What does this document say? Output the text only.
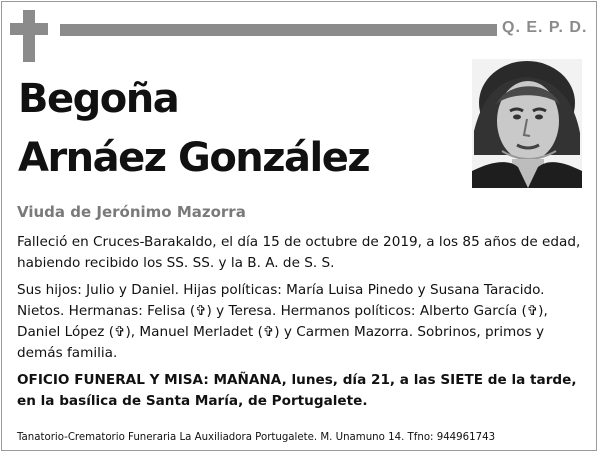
Q. E. P. D.
Begoña
Arnáez González
Viuda de Jerónimo Mazorra

Falleció en Cruces-Barakaldo, el día 15 de octubre de 2019, a los 85 años de edad, habiendo recibido los SS. SS. y la B. A. de S. S.

Sus hijos: Julio y Daniel. Hijas políticas: María Luisa Pinedo y Susana Taracido. Nietos. Hermanas: Felisa (✞) y Teresa. Hermanos políticos: Alberto García (✞), Daniel López (✞), Manuel Merladet (✞) y Carmen Mazorra. Sobrinos, primos y demás familia.

OFICIO FUNERAL Y MISA: MAÑANA, lunes, día 21, a las SIETE de la tarde, en la basílica de Santa María, de Portugalete.

Tanatorio-Crematorio Funeraria La Auxiliadora Portugalete. M. Unamuno 14. Tfno: 944961743
